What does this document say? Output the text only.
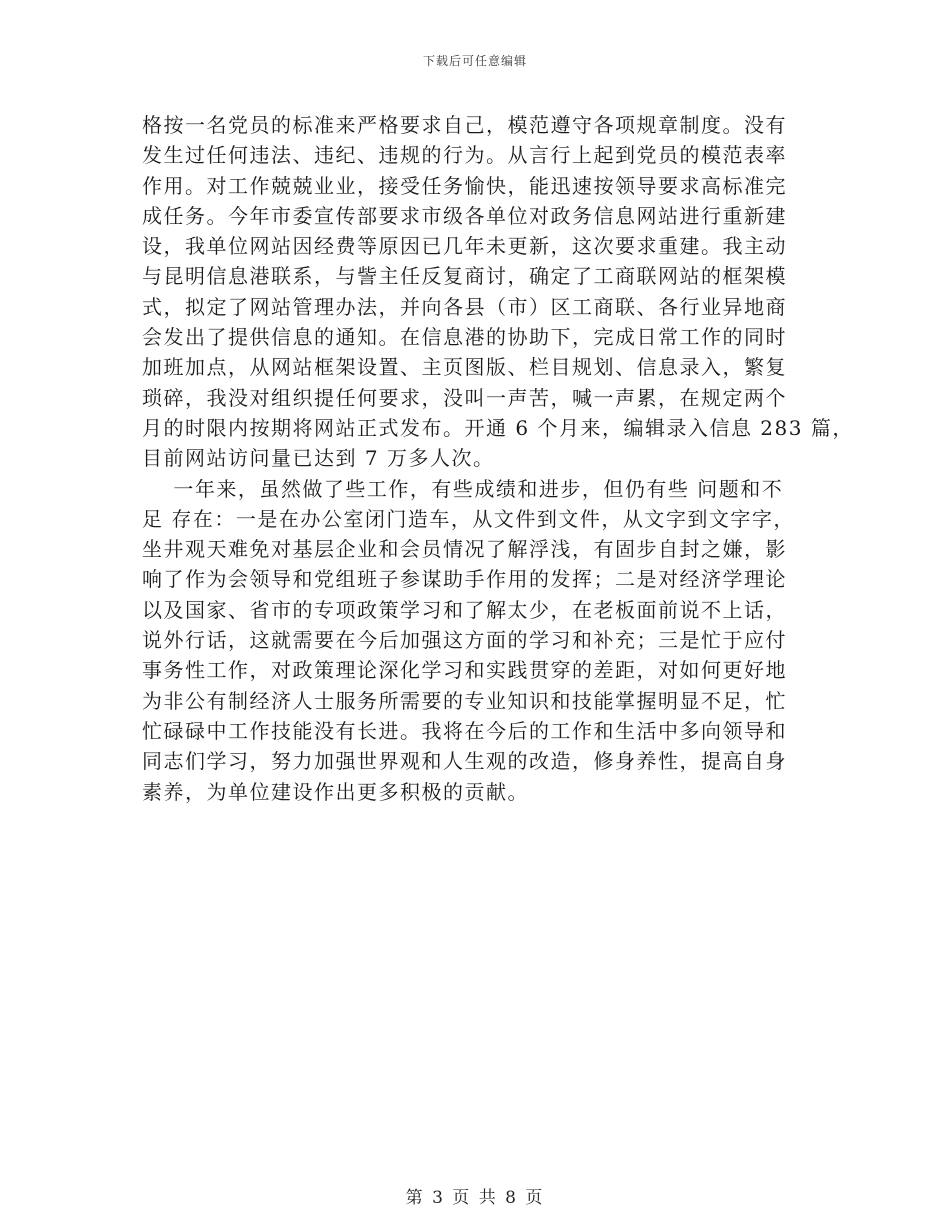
下载后可任意编辑
格按一名党员的标准来严格要求自己，模范遵守各项规章制度。没有
发生过任何违法、违纪、违规的行为。从言行上起到党员的模范表率
作用。对工作兢兢业业，接受任务愉快，能迅速按领导要求高标准完
成任务。今年市委宣传部要求市级各单位对政务信息网站进行重新建
设，我单位网站因经费等原因已几年未更新，这次要求重建。我主动
与昆明信息港联系，与訾主任反复商讨，确定了工商联网站的框架模
式，拟定了网站管理办法，并向各县（市）区工商联、各行业异地商
会发出了提供信息的通知。在信息港的协助下，完成日常工作的同时
加班加点，从网站框架设置、主页图版、栏目规划、信息录入，繁复
琐碎，我没对组织提任何要求，没叫一声苦，喊一声累，在规定两个
月的时限内按期将网站正式发布。开通 6 个月来，编辑录入信息 283 篇，
目前网站访问量已达到 7 万多人次。
一年来，虽然做了些工作，有些成绩和进步，但仍有些 问题和不
足 存在：一是在办公室闭门造车，从文件到文件，从文字到文字字，
坐井观天难免对基层企业和会员情况了解浮浅，有固步自封之嫌，影
响了作为会领导和党组班子参谋助手作用的发挥；二是对经济学理论
以及国家、省市的专项政策学习和了解太少，在老板面前说不上话，
说外行话，这就需要在今后加强这方面的学习和补充；三是忙于应付
事务性工作，对政策理论深化学习和实践贯穿的差距，对如何更好地
为非公有制经济人士服务所需要的专业知识和技能掌握明显不足，忙
忙碌碌中工作技能没有长进。我将在今后的工作和生活中多向领导和
同志们学习，努力加强世界观和人生观的改造，修身养性，提高自身
素养，为单位建设作出更多积极的贡献。
第 3 页 共 8 页
